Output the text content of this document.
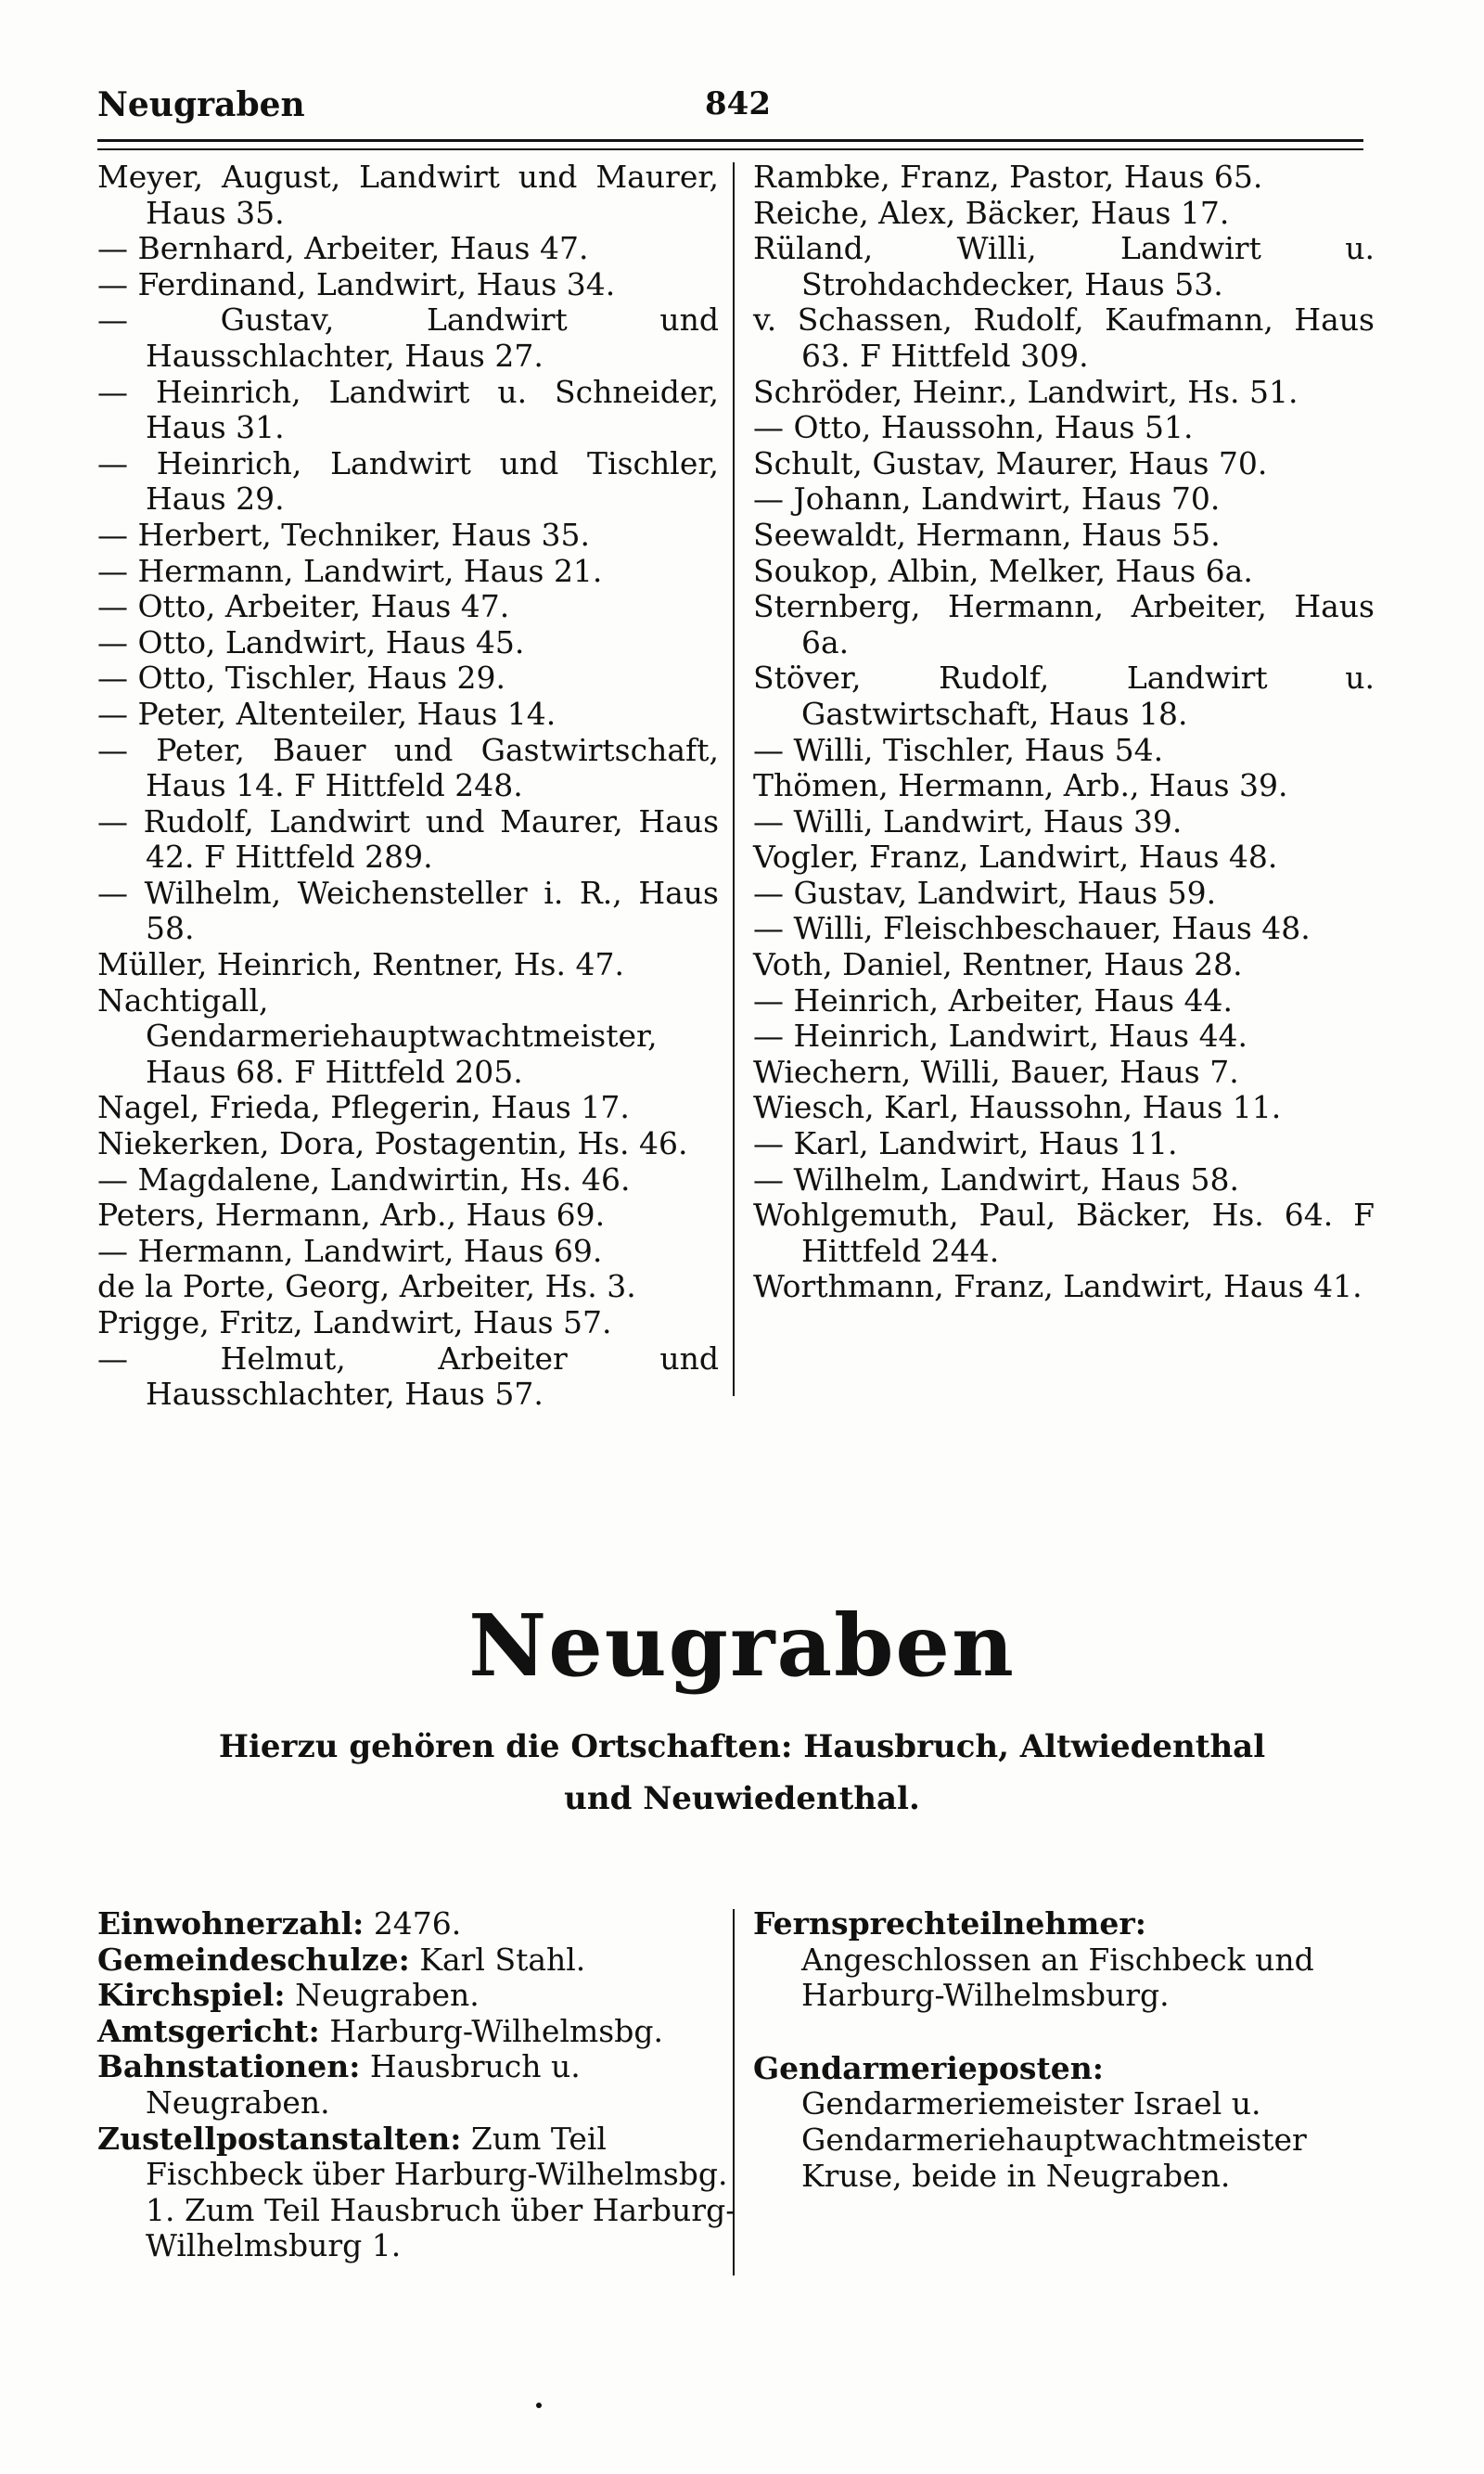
Neugraben	842

Meyer, August, Landwirt und Maurer, Haus 35.

— Bernhard, Arbeiter, Haus 47.

— Ferdinand, Landwirt, Haus 34.

— Gustav, Landwirt und Hausschlachter, Haus 27.

— Heinrich, Landwirt u. Schneider, Haus 31.

— Heinrich, Landwirt und Tischler, Haus 29.

— Herbert, Techniker, Haus 35.

— Hermann, Landwirt, Haus 21.

— Otto, Arbeiter, Haus 47.

— Otto, Landwirt, Haus 45.

— Otto, Tischler, Haus 29.

— Peter, Altenteiler, Haus 14.

— Peter, Bauer und Gastwirtschaft, Haus 14. F Hittfeld 248.

— Rudolf, Landwirt und Maurer, Haus 42. F Hittfeld 289.

— Wilhelm, Weichensteller i. R., Haus 58.

Müller, Heinrich, Rentner, Hs. 47.

Nachtigall, Gendarmeriehauptwachtmeister, Haus 68. F Hittfeld 205.

Nagel, Frieda, Pflegerin, Haus 17.

Niekerken, Dora, Postagentin, Hs. 46.

— Magdalene, Landwirtin, Hs. 46.

Peters, Hermann, Arb., Haus 69.

— Hermann, Landwirt, Haus 69.

de la Porte, Georg, Arbeiter, Hs. 3.

Prigge, Fritz, Landwirt, Haus 57.

— Helmut, Arbeiter und Hausschlachter, Haus 57.

Rambke, Franz, Pastor, Haus 65.

Reiche, Alex, Bäcker, Haus 17.

Rüland, Willi, Landwirt u. Strohdachdecker, Haus 53.

v. Schassen, Rudolf, Kaufmann, Haus 63. F Hittfeld 309.

Schröder, Heinr., Landwirt, Hs. 51.

— Otto, Haussohn, Haus 51.

Schult, Gustav, Maurer, Haus 70.

— Johann, Landwirt, Haus 70.

Seewaldt, Hermann, Haus 55.

Soukop, Albin, Melker, Haus 6a.

Sternberg, Hermann, Arbeiter, Haus 6a.

Stöver, Rudolf, Landwirt u. Gastwirtschaft, Haus 18.

— Willi, Tischler, Haus 54.

Thömen, Hermann, Arb., Haus 39.

— Willi, Landwirt, Haus 39.

Vogler, Franz, Landwirt, Haus 48.

— Gustav, Landwirt, Haus 59.

— Willi, Fleischbeschauer, Haus 48.

Voth, Daniel, Rentner, Haus 28.

— Heinrich, Arbeiter, Haus 44.

— Heinrich, Landwirt, Haus 44.

Wiechern, Willi, Bauer, Haus 7.

Wiesch, Karl, Haussohn, Haus 11.

— Karl, Landwirt, Haus 11.

— Wilhelm, Landwirt, Haus 58.

Wohlgemuth, Paul, Bäcker, Hs. 64. F Hittfeld 244.

Worthmann, Franz, Landwirt, Haus 41.

Neugraben
Hierzu gehören die Ortschaften: Hausbruch, Altwiedenthal und Neuwiedenthal.

Einwohnerzahl: 2476.

Gemeindeschulze: Karl Stahl.

Kirchspiel: Neugraben.

Amtsgericht: Harburg-Wilhelmsbg.

Bahnstationen: Hausbruch u. Neugraben.

Zustellpostanstalten: Zum Teil Fischbeck über Harburg-Wilhelmsbg. 1. Zum Teil Hausbruch über Harburg-Wilhelmsburg 1.

Fernsprechteilnehmer: Angeschlossen an Fischbeck und Harburg-Wilhelmsburg.

Gendarmerieposten: Gendarmeriemeister Israel u. Gendarmeriehauptwachtmeister Kruse, beide in Neugraben.
